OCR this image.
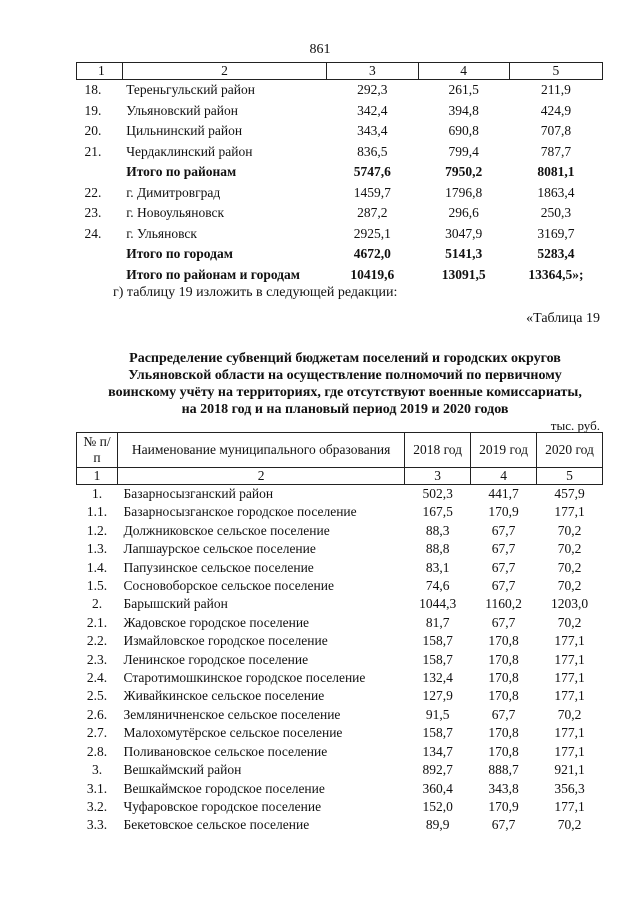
861
1	2	3	4	5
18.	Тереньгульский район	292,3	261,5	211,9
19.	Ульяновский район	342,4	394,8	424,9
20.	Цильнинский район	343,4	690,8	707,8
21.	Чердаклинский район	836,5	799,4	787,7
	Итого по районам	5747,6	7950,2	8081,1
22.	г. Димитровград	1459,7	1796,8	1863,4
23.	г. Новоульяновск	287,2	296,6	250,3
24.	г. Ульяновск	2925,1	3047,9	3169,7
	Итого по городам	4672,0	5141,3	5283,4
	Итого по районам и городам	10419,6	13091,5	13364,5»;
г) таблицу 19 изложить в следующей редакции:
«Таблица 19
Распределение субвенций бюджетам поселений и городских округов
Ульяновской области на осуществление полномочий по первичному
воинскому учёту на территориях, где отсутствуют военные комиссариаты,
на 2018 год и на плановый период 2019 и 2020 годов
тыс. руб.
№ п/п	Наименование муниципального образования	2018 год	2019 год	2020 год
1	2	3	4	5
1.	Базарносызганский район	502,3	441,7	457,9
1.1.	Базарносызганское городское поселение	167,5	170,9	177,1
1.2.	Должниковское сельское поселение	88,3	67,7	70,2
1.3.	Лапшаурское сельское поселение	88,8	67,7	70,2
1.4.	Папузинское сельское поселение	83,1	67,7	70,2
1.5.	Сосновоборское сельское поселение	74,6	67,7	70,2
2.	Барышский район	1044,3	1160,2	1203,0
2.1.	Жадовское городское поселение	81,7	67,7	70,2
2.2.	Измайловское городское поселение	158,7	170,8	177,1
2.3.	Ленинское городское поселение	158,7	170,8	177,1
2.4.	Старотимошкинское городское поселение	132,4	170,8	177,1
2.5.	Живайкинское сельское поселение	127,9	170,8	177,1
2.6.	Земляничненское сельское поселение	91,5	67,7	70,2
2.7.	Малохомутёрское сельское поселение	158,7	170,8	177,1
2.8.	Поливановское сельское поселение	134,7	170,8	177,1
3.	Вешкаймский район	892,7	888,7	921,1
3.1.	Вешкаймское городское поселение	360,4	343,8	356,3
3.2.	Чуфаровское городское поселение	152,0	170,9	177,1
3.3.	Бекетовское сельское поселение	89,9	67,7	70,2
